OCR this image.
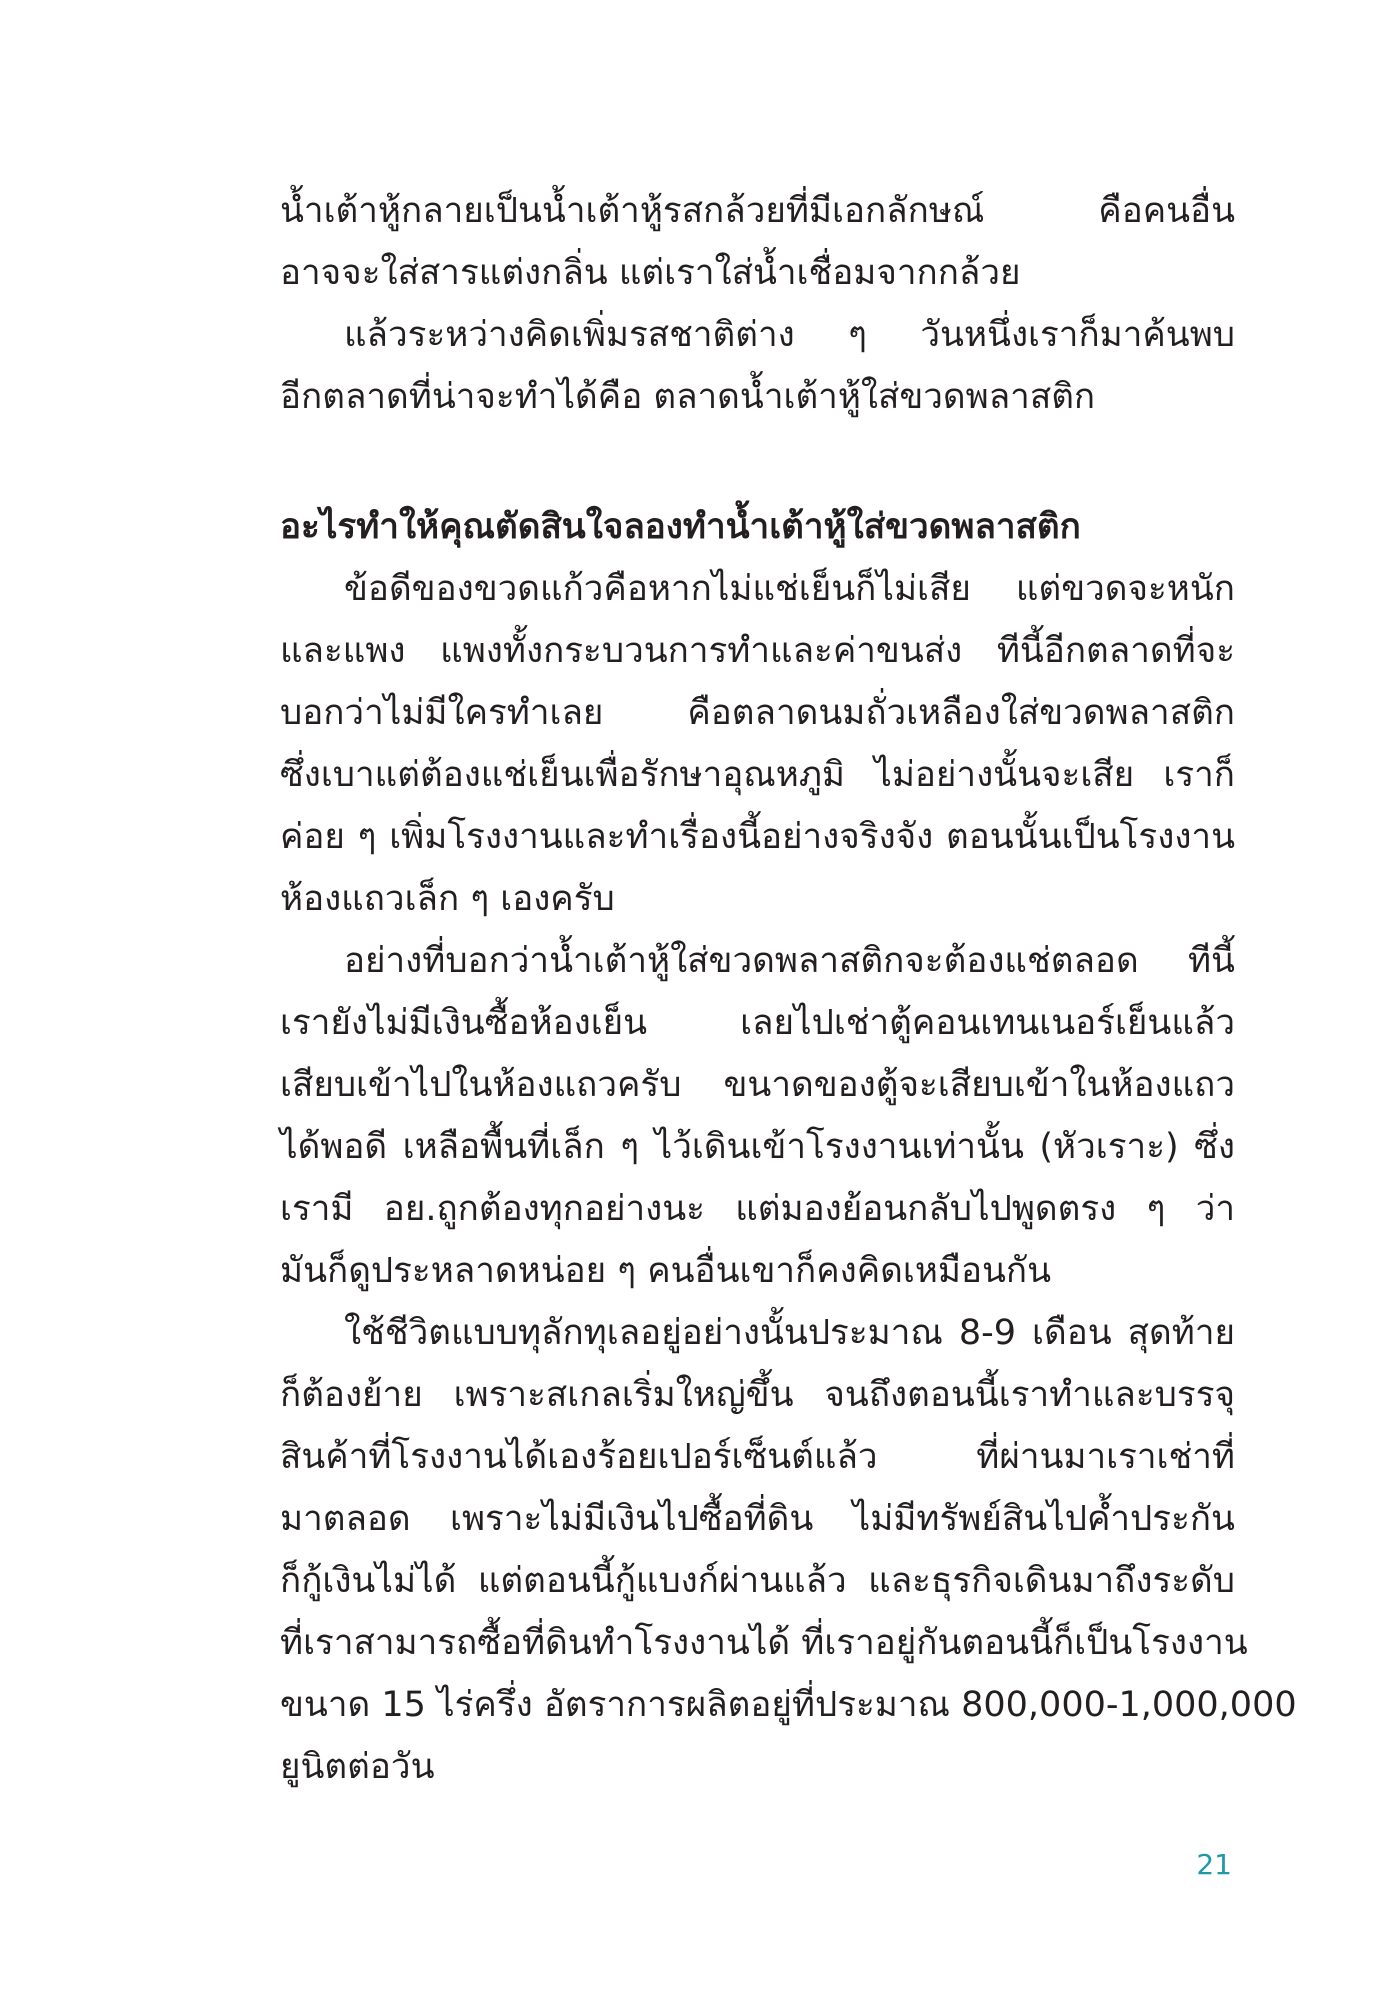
น้ำเต้าหู้กลายเป็นน้ำเต้าหู้รสกล้วยที่มีเอกลักษณ์ คือคนอื่น
อาจจะใส่สารแต่งกลิ่น แต่เราใส่น้ำเชื่อมจากกล้วย
แล้วระหว่างคิดเพิ่มรสชาติต่าง ๆ วันหนึ่งเราก็มาค้นพบ
อีกตลาดที่น่าจะทำได้คือ ตลาดน้ำเต้าหู้ใส่ขวดพลาสติก
อะไรทำให้คุณตัดสินใจลองทำน้ำเต้าหู้ใส่ขวดพลาสติก
ข้อดีของขวดแก้วคือหากไม่แช่เย็นก็ไม่เสีย แต่ขวดจะหนัก
และแพง แพงทั้งกระบวนการทำและค่าขนส่ง ทีนี้อีกตลาดที่จะ
บอกว่าไม่มีใครทำเลย คือตลาดนมถั่วเหลืองใส่ขวดพลาสติก
ซึ่งเบาแต่ต้องแช่เย็นเพื่อรักษาอุณหภูมิ ไม่อย่างนั้นจะเสีย เราก็
ค่อย ๆ เพิ่มโรงงานและทำเรื่องนี้อย่างจริงจัง ตอนนั้นเป็นโรงงาน
ห้องแถวเล็ก ๆ เองครับ
อย่างที่บอกว่าน้ำเต้าหู้ใส่ขวดพลาสติกจะต้องแช่ตลอด ทีนี้
เรายังไม่มีเงินซื้อห้องเย็น เลยไปเช่าตู้คอนเทนเนอร์เย็นแล้ว
เสียบเข้าไปในห้องแถวครับ ขนาดของตู้จะเสียบเข้าในห้องแถว
ได้พอดี เหลือพื้นที่เล็ก ๆ ไว้เดินเข้าโรงงานเท่านั้น (หัวเราะ) ซึ่ง
เรามี อย.ถูกต้องทุกอย่างนะ แต่มองย้อนกลับไปพูดตรง ๆ ว่า
มันก็ดูประหลาดหน่อย ๆ คนอื่นเขาก็คงคิดเหมือนกัน
ใช้ชีวิตแบบทุลักทุเลอยู่อย่างนั้นประมาณ 8-9 เดือน สุดท้าย
ก็ต้องย้าย เพราะสเกลเริ่มใหญ่ขึ้น จนถึงตอนนี้เราทำและบรรจุ
สินค้าที่โรงงานได้เองร้อยเปอร์เซ็นต์แล้ว ที่ผ่านมาเราเช่าที่
มาตลอด เพราะไม่มีเงินไปซื้อที่ดิน ไม่มีทรัพย์สินไปค้ำประกัน
ก็กู้เงินไม่ได้ แต่ตอนนี้กู้แบงก์ผ่านแล้ว และธุรกิจเดินมาถึงระดับ
ที่เราสามารถซื้อที่ดินทำโรงงานได้ ที่เราอยู่กันตอนนี้ก็เป็นโรงงาน
ขนาด 15 ไร่ครึ่ง อัตราการผลิตอยู่ที่ประมาณ 800,000-1,000,000
ยูนิตต่อวัน
21
